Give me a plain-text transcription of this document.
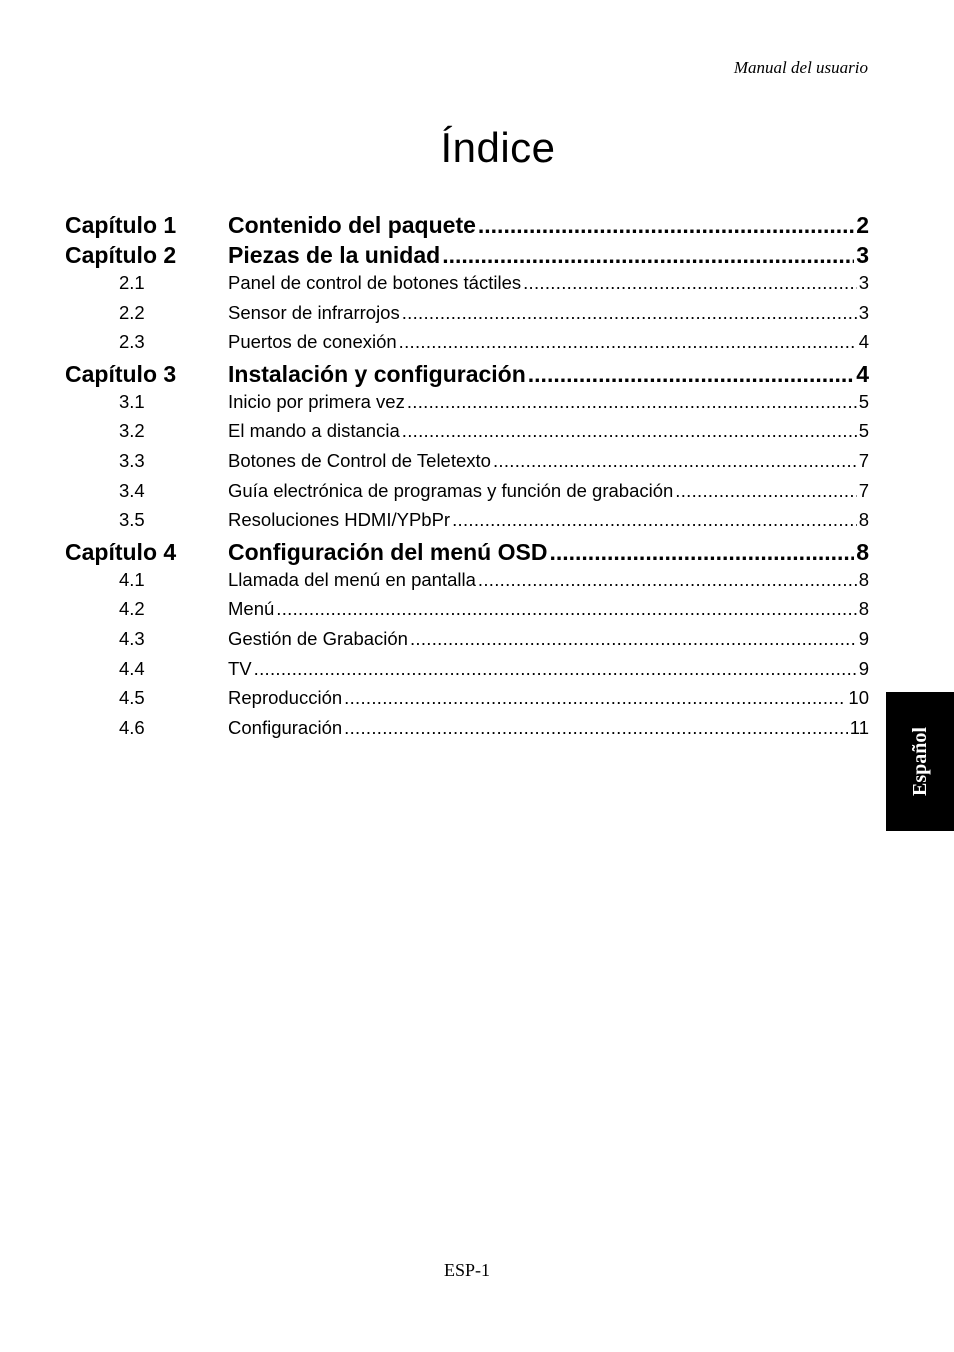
Manual del usuario
Índice
Capítulo 1	Contenido del paquete .....	2
Capítulo 2	Piezas de la unidad .....	3
2.1	Panel de control de botones táctiles .....	3
2.2	Sensor de infrarrojos .....	3
2.3	Puertos de conexión .....	4
Capítulo 3	Instalación y configuración .....	4
3.1	Inicio por primera vez .....	5
3.2	El mando a distancia .....	5
3.3	Botones de Control de Teletexto .....	7
3.4	Guía electrónica de programas y función de grabación .....	7
3.5	Resoluciones HDMI/YPbPr .....	8
Capítulo 4	Configuración del menú OSD .....	8
4.1	Llamada del menú en pantalla .....	8
4.2	Menú .....	8
4.3	Gestión de Grabación .....	9
4.4	TV .....	9
4.5	Reproducción .....	10
4.6	Configuración .....	11 Español
ESP-1
